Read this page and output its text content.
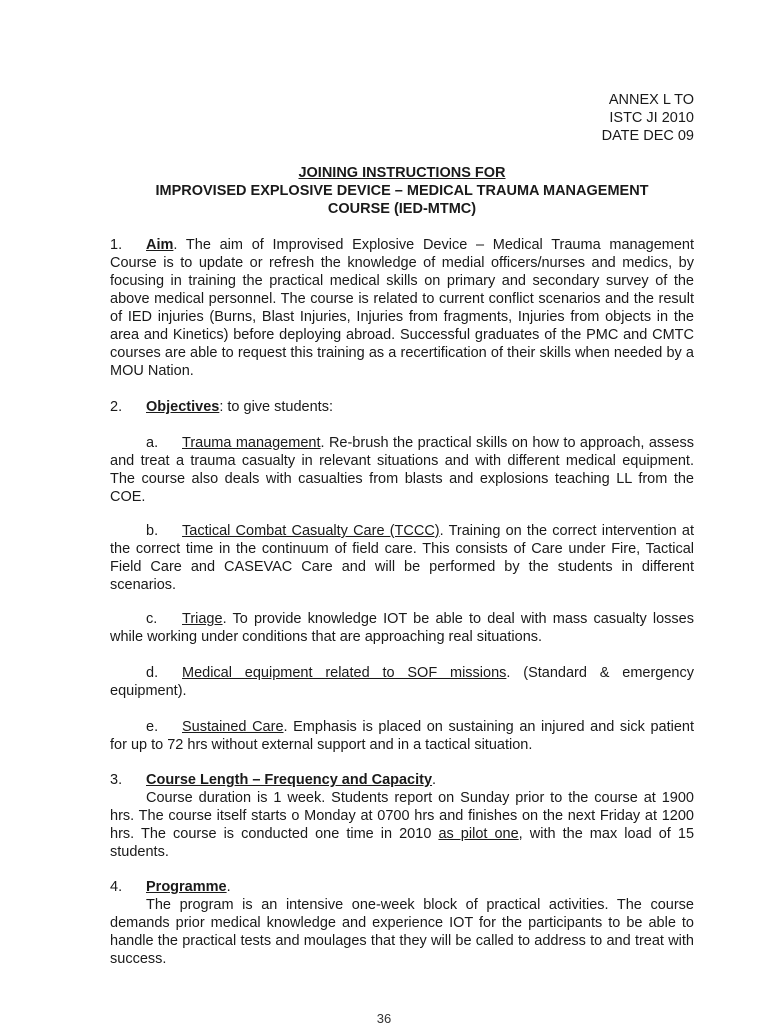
ANNEX L TO
ISTC JI 2010
DATE DEC 09
JOINING INSTRUCTIONS FOR
IMPROVISED EXPLOSIVE DEVICE – MEDICAL TRAUMA MANAGEMENT
COURSE (IED-MTMC)
1. Aim. The aim of Improvised Explosive Device – Medical Trauma management Course is to update or refresh the knowledge of medial officers/nurses and medics, by focusing in training the practical medical skills on primary and secondary survey of the above medical personnel. The course is related to current conflict scenarios and the result of IED injuries (Burns, Blast Injuries, Injuries from fragments, Injuries from objects in the area and Kinetics) before deploying abroad. Successful graduates of the PMC and CMTC courses are able to request this training as a recertification of their skills when needed by a MOU Nation.
2. Objectives: to give students:
a. Trauma management. Re-brush the practical skills on how to approach, assess and treat a trauma casualty in relevant situations and with different medical equipment. The course also deals with casualties from blasts and explosions teaching LL from the COE.
b. Tactical Combat Casualty Care (TCCC). Training on the correct intervention at the correct time in the continuum of field care. This consists of Care under Fire, Tactical Field Care and CASEVAC Care and will be performed by the students in different scenarios.
c. Triage. To provide knowledge IOT be able to deal with mass casualty losses while working under conditions that are approaching real situations.
d. Medical equipment related to SOF missions. (Standard & emergency equipment).
e. Sustained Care. Emphasis is placed on sustaining an injured and sick patient for up to 72 hrs without external support and in a tactical situation.
3. Course Length – Frequency and Capacity.
Course duration is 1 week. Students report on Sunday prior to the course at 1900 hrs. The course itself starts o Monday at 0700 hrs and finishes on the next Friday at 1200 hrs. The course is conducted one time in 2010 as pilot one, with the max load of 15 students.
4. Programme.
The program is an intensive one-week block of practical activities. The course demands prior medical knowledge and experience IOT for the participants to be able to handle the practical tests and moulages that they will be called to address to and treat with success.
36
